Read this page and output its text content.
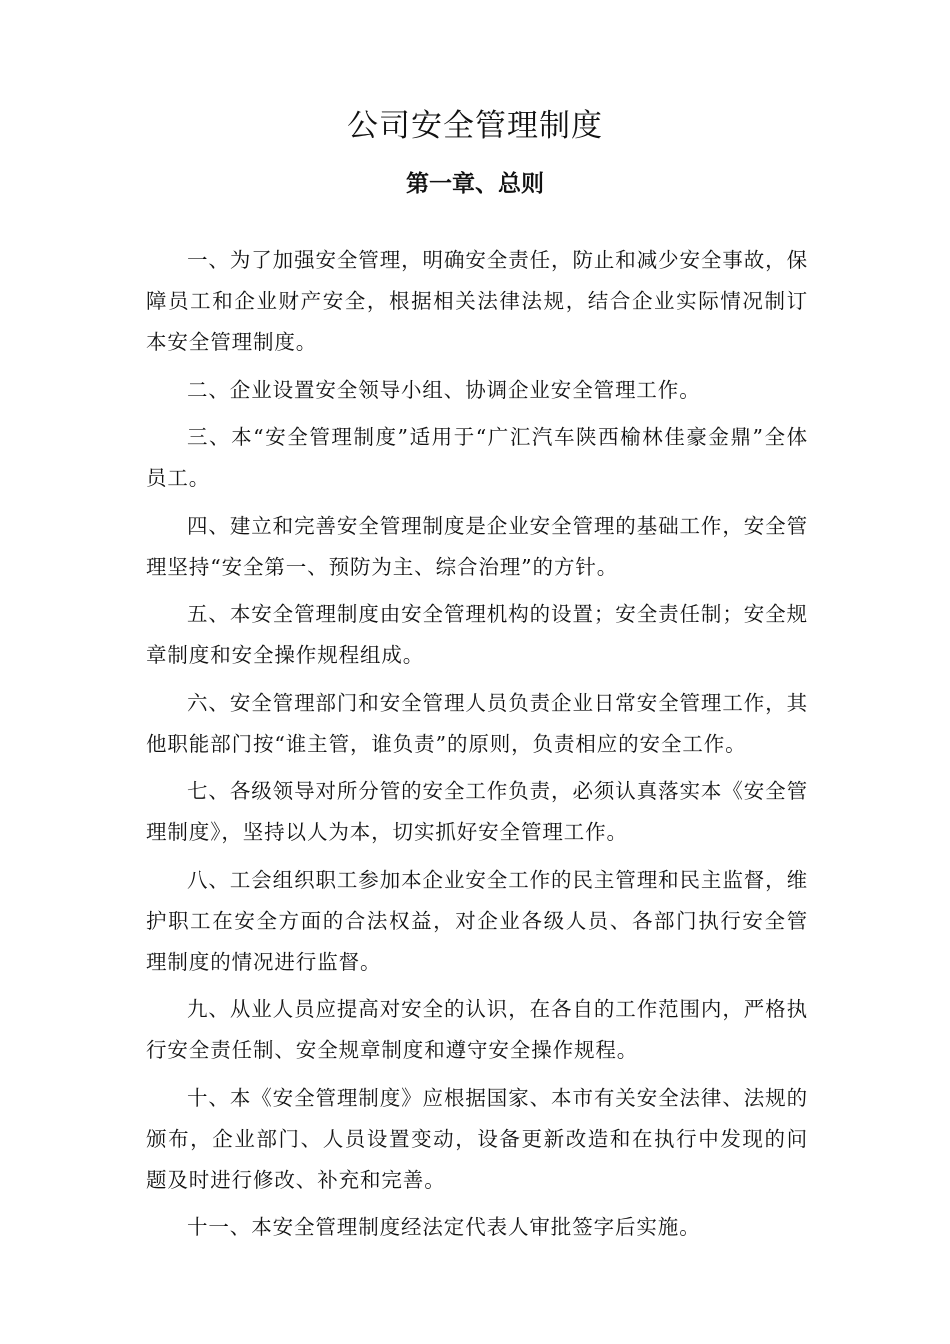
公司安全管理制度
第一章、总则

一、为了加强安全管理，明确安全责任，防止和减少安全事故，保障员工和企业财产安全，根据相关法律法规，结合企业实际情况制订本安全管理制度。

二、企业设置安全领导小组、协调企业安全管理工作。

三、本“安全管理制度”适用于“广汇汽车陕西榆林佳豪金鼎”全体员工。

四、建立和完善安全管理制度是企业安全管理的基础工作，安全管理坚持“安全第一、预防为主、综合治理”的方针。

五、本安全管理制度由安全管理机构的设置；安全责任制；安全规章制度和安全操作规程组成。

六、安全管理部门和安全管理人员负责企业日常安全管理工作，其他职能部门按“谁主管，谁负责”的原则，负责相应的安全工作。

七、各级领导对所分管的安全工作负责，必须认真落实本《安全管理制度》，坚持以人为本，切实抓好安全管理工作。

八、工会组织职工参加本企业安全工作的民主管理和民主监督，维护职工在安全方面的合法权益，对企业各级人员、各部门执行安全管理制度的情况进行监督。

九、从业人员应提高对安全的认识，在各自的工作范围内，严格执行安全责任制、安全规章制度和遵守安全操作规程。

十、本《安全管理制度》应根据国家、本市有关安全法律、法规的颁布，企业部门、人员设置变动，设备更新改造和在执行中发现的问题及时进行修改、补充和完善。

十一、本安全管理制度经法定代表人审批签字后实施。
